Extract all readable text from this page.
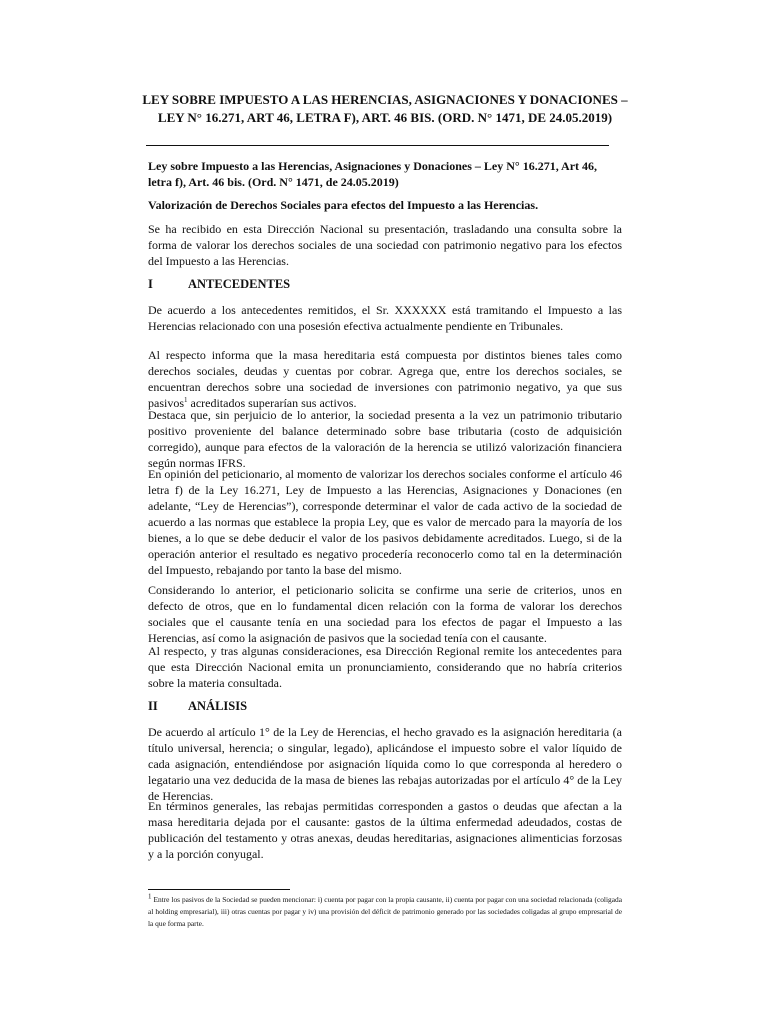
LEY SOBRE IMPUESTO A LAS HERENCIAS, ASIGNACIONES Y DONACIONES – LEY N° 16.271, ART 46, LETRA F), ART. 46 BIS. (ORD. N° 1471, DE 24.05.2019)
Ley sobre Impuesto a las Herencias, Asignaciones y Donaciones – Ley N° 16.271, Art 46, letra f), Art. 46 bis. (Ord. N° 1471, de 24.05.2019)
Valorización de Derechos Sociales para efectos del Impuesto a las Herencias.
Se ha recibido en esta Dirección Nacional su presentación, trasladando una consulta sobre la forma de valorar los derechos sociales de una sociedad con patrimonio negativo para los efectos del Impuesto a las Herencias.
I	ANTECEDENTES
De acuerdo a los antecedentes remitidos, el Sr. XXXXXX está tramitando el Impuesto a las Herencias relacionado con una posesión efectiva actualmente pendiente en Tribunales.
Al respecto informa que la masa hereditaria está compuesta por distintos bienes tales como derechos sociales, deudas y cuentas por cobrar. Agrega que, entre los derechos sociales, se encuentran derechos sobre una sociedad de inversiones con patrimonio negativo, ya que sus pasivos$^1$ acreditados superarían sus activos.
Destaca que, sin perjuicio de lo anterior, la sociedad presenta a la vez un patrimonio tributario positivo proveniente del balance determinado sobre base tributaria (costo de adquisición corregido), aunque para efectos de la valoración de la herencia se utilizó valorización financiera según normas IFRS.
En opinión del peticionario, al momento de valorizar los derechos sociales conforme el artículo 46 letra f) de la Ley 16.271, Ley de Impuesto a las Herencias, Asignaciones y Donaciones (en adelante, “Ley de Herencias”), corresponde determinar el valor de cada activo de la sociedad de acuerdo a las normas que establece la propia Ley, que es valor de mercado para la mayoría de los bienes, a lo que se debe deducir el valor de los pasivos debidamente acreditados. Luego, si de la operación anterior el resultado es negativo procedería reconocerlo como tal en la determinación del Impuesto, rebajando por tanto la base del mismo.
Considerando lo anterior, el peticionario solicita se confirme una serie de criterios, unos en defecto de otros, que en lo fundamental dicen relación con la forma de valorar los derechos sociales que el causante tenía en una sociedad para los efectos de pagar el Impuesto a las Herencias, así como la asignación de pasivos que la sociedad tenía con el causante.
Al respecto, y tras algunas consideraciones, esa Dirección Regional remite los antecedentes para que esta Dirección Nacional emita un pronunciamiento, considerando que no habría criterios sobre la materia consultada.
II ANÁLISIS
De acuerdo al artículo 1° de la Ley de Herencias, el hecho gravado es la asignación hereditaria (a título universal, herencia; o singular, legado), aplicándose el impuesto sobre el valor líquido de cada asignación, entendiéndose por asignación líquida como lo que corresponda al heredero o legatario una vez deducida de la masa de bienes las rebajas autorizadas por el artículo 4° de la Ley de Herencias.
En términos generales, las rebajas permitidas corresponden a gastos o deudas que afectan a la masa hereditaria dejada por el causante: gastos de la última enfermedad adeudados, costas de publicación del testamento y otras anexas, deudas hereditarias, asignaciones alimenticias forzosas y a la porción conyugal.
$^1$ Entre los pasivos de la Sociedad se pueden mencionar: i) cuenta por pagar con la propia causante, ii) cuenta por pagar con una sociedad relacionada (coligada al holding empresarial), iii) otras cuentas por pagar y iv) una provisión del déficit de patrimonio generado por las sociedades coligadas al grupo empresarial de la que forma parte.
